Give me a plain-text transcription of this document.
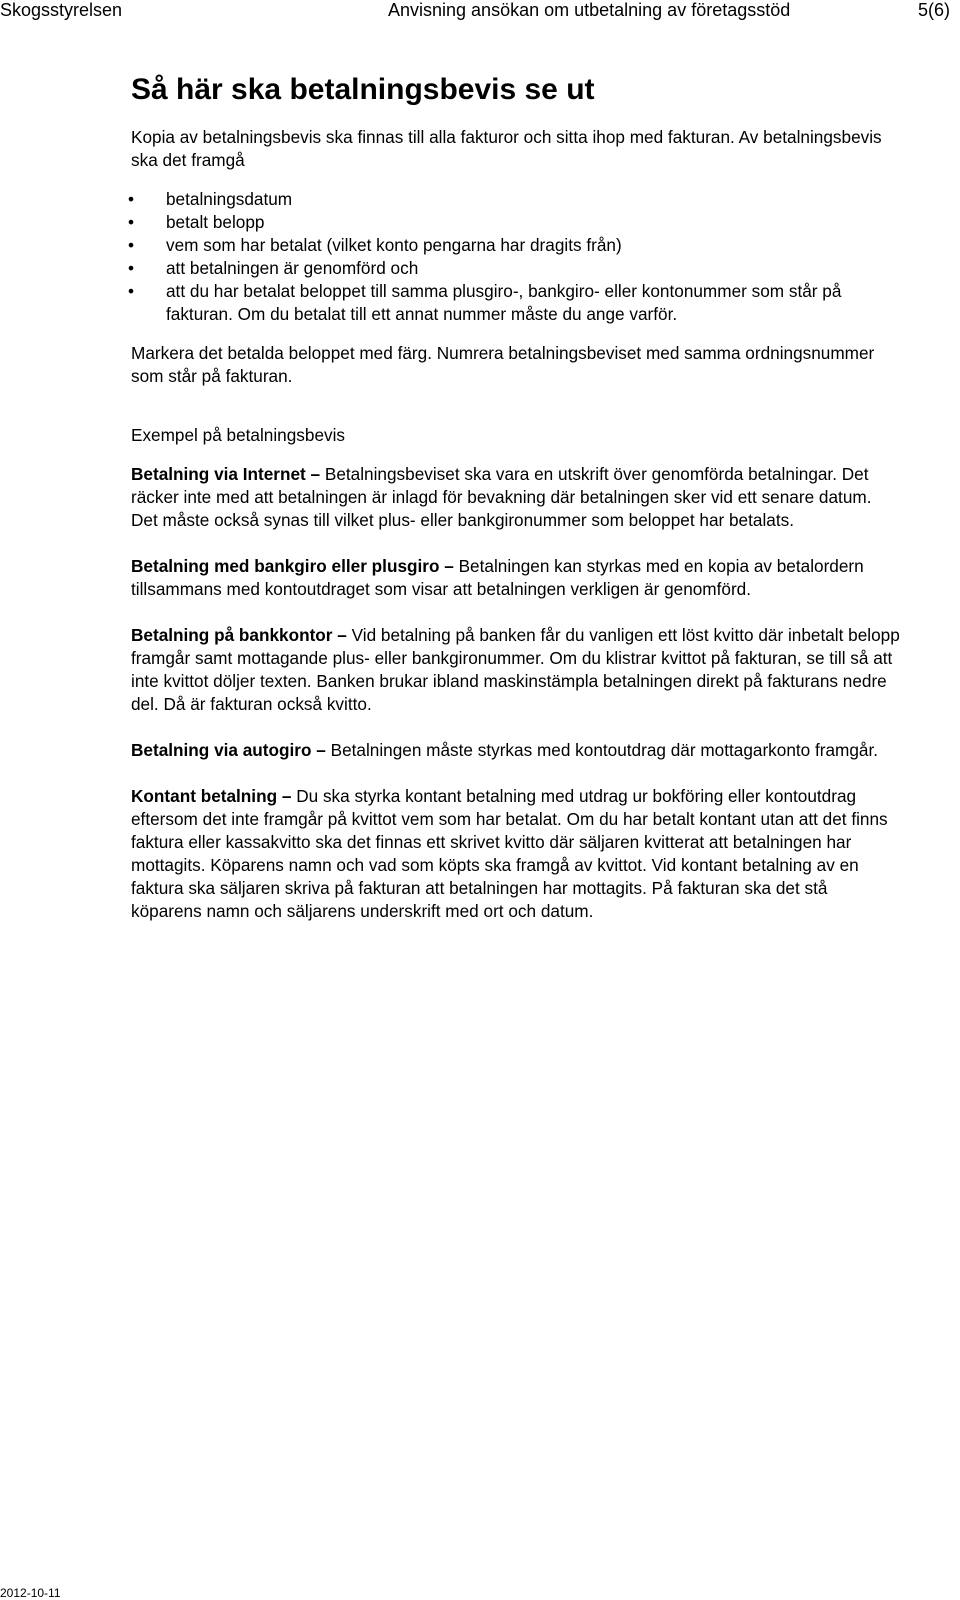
Skogsstyrelsen	Anvisning ansökan om utbetalning av företagsstöd	5(6)
Så här ska betalningsbevis se ut

Kopia av betalningsbevis ska finnas till alla fakturor och sitta ihop med fakturan. Av betalningsbevis ska det framgå

• betalningsdatum
• betalt belopp
• vem som har betalat (vilket konto pengarna har dragits från)
• att betalningen är genomförd och
• att du har betalat beloppet till samma plusgiro-, bankgiro- eller kontonummer som står på fakturan. Om du betalat till ett annat nummer måste du ange varför.

Markera det betalda beloppet med färg. Numrera betalningsbeviset med samma ordningsnummer som står på fakturan.

Exempel på betalningsbevis

Betalning via Internet – Betalningsbeviset ska vara en utskrift över genomförda betalningar. Det räcker inte med att betalningen är inlagd för bevakning där betalningen sker vid ett senare datum. Det måste också synas till vilket plus- eller bankgironummer som beloppet har betalats.

Betalning med bankgiro eller plusgiro – Betalningen kan styrkas med en kopia av betalordern tillsammans med kontoutdraget som visar att betalningen verkligen är genomförd.

Betalning på bankkontor – Vid betalning på banken får du vanligen ett löst kvitto där inbetalt belopp framgår samt mottagande plus- eller bankgironummer. Om du klistrar kvittot på fakturan, se till så att inte kvittot döljer texten. Banken brukar ibland maskinstämpla betalningen direkt på fakturans nedre del. Då är fakturan också kvitto.

Betalning via autogiro – Betalningen måste styrkas med kontoutdrag där mottagarkonto framgår.

Kontant betalning – Du ska styrka kontant betalning med utdrag ur bokföring eller kontoutdrag eftersom det inte framgår på kvittot vem som har betalat. Om du har betalt kontant utan att det finns faktura eller kassakvitto ska det finnas ett skrivet kvitto där säljaren kvitterat att betalningen har mottagits. Köparens namn och vad som köpts ska framgå av kvittot. Vid kontant betalning av en faktura ska säljaren skriva på fakturan att betalningen har mottagits. På fakturan ska det stå köparens namn och säljarens underskrift med ort och datum.

2012-10-11
